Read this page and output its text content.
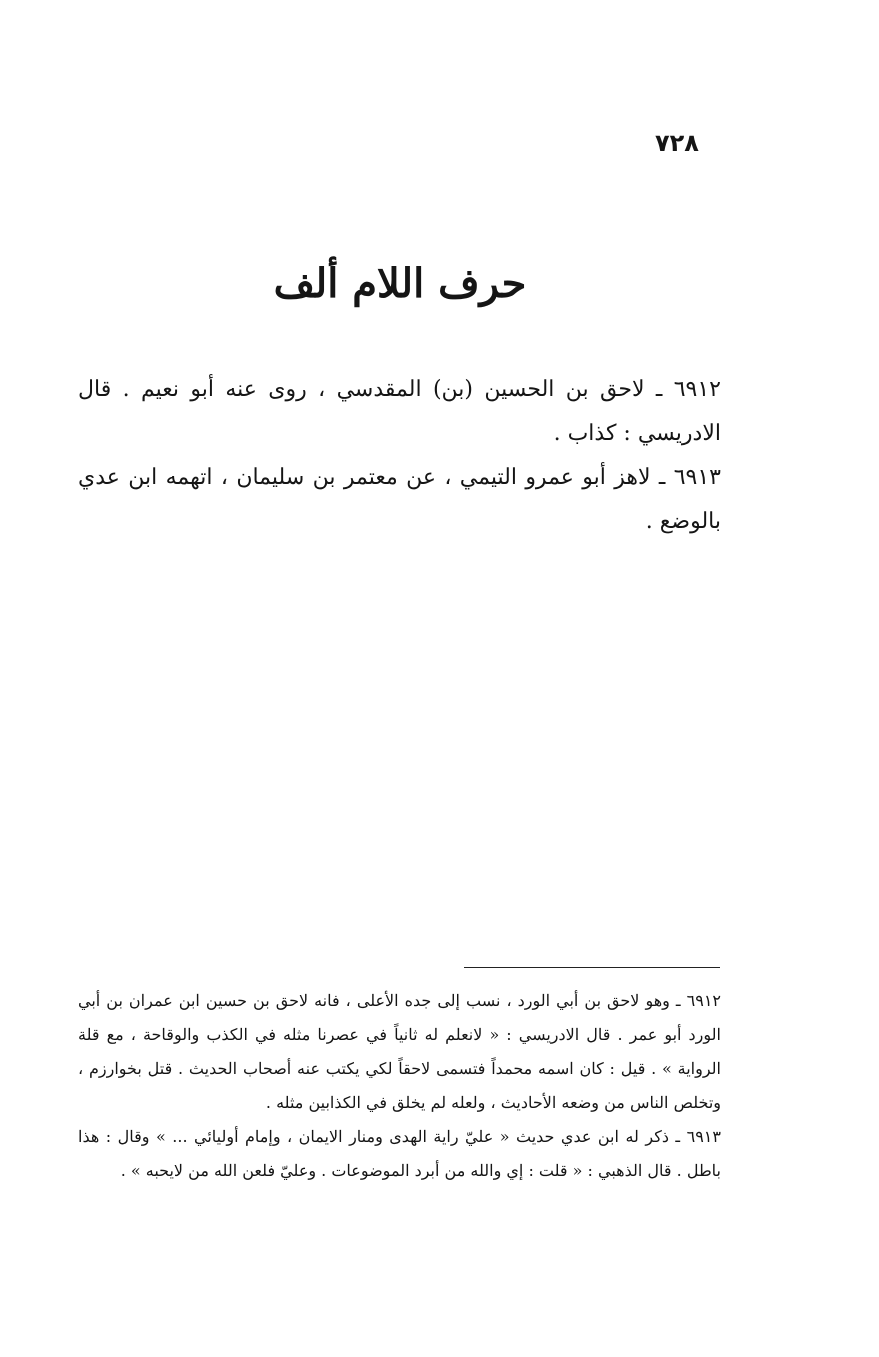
٧٢٨
حرف اللام ألف

٦٩١٢ ـ لاحق بن الحسين (بن) المقدسي ، روى عنه أبو نعيم . قال الادريسي : كذاب .

٦٩١٣ ـ لاهز أبو عمرو التيمي ، عن معتمر بن سليمان ، اتهمه ابن عدي بالوضع .

٦٩١٢ ـ وهو لاحق بن أبي الورد ، نسب إلى جده الأعلى ، فانه لاحق بن حسين ابن عمران بن أبي الورد أبو عمر . قال الادريسي : « لانعلم له ثانياً في عصرنا مثله في الكذب والوقاحة ، مع قلة الرواية » . قيل : كان اسمه محمداً فتسمى لاحقاً لكي يكتب عنه أصحاب الحديث . قتل بخوارزم ، وتخلص الناس من وضعه الأحاديث ، ولعله لم يخلق في الكذابين مثله .

٦٩١٣ ـ ذكر له ابن عدي حديث « عليّ راية الهدى ومنار الايمان ، وإمام أوليائي ... » وقال : هذا باطل . قال الذهبي : « قلت : إي والله من أبرد الموضوعات . وعليّ فلعن الله من لايحبه » .
